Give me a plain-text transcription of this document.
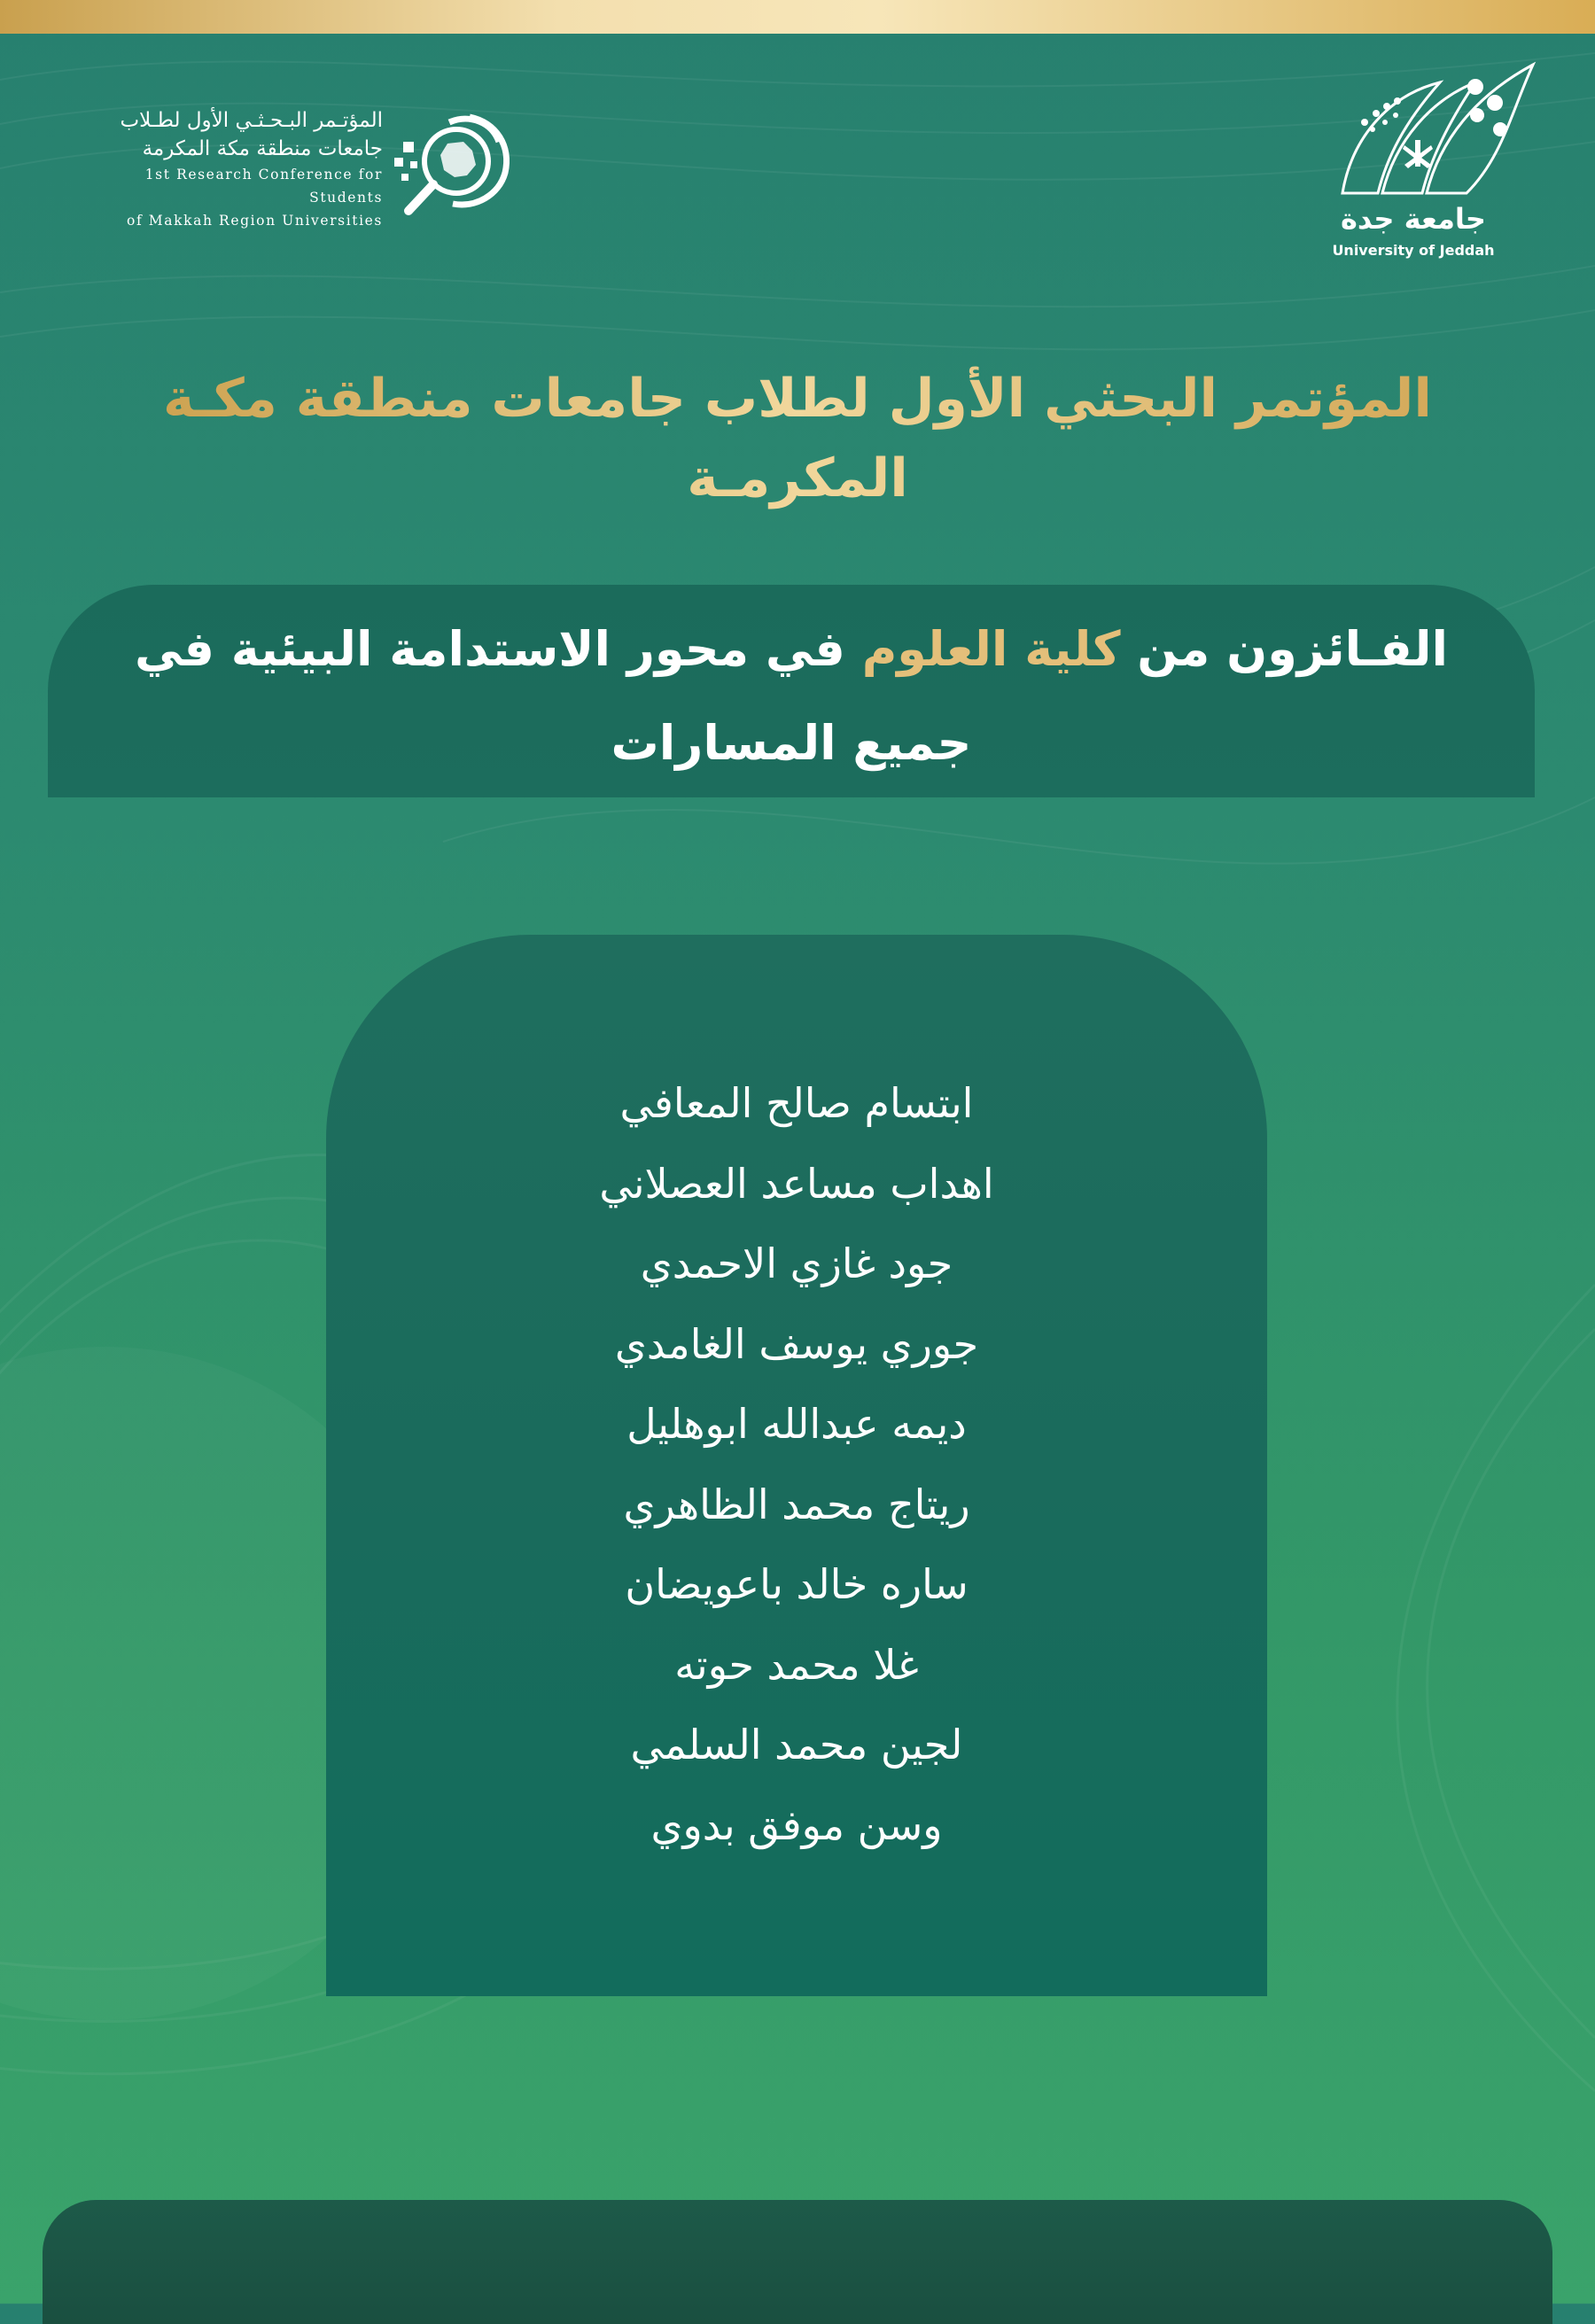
جامعة جدة
University of Jeddah
المؤتـمر البـحـثـي الأول لطـلاب
جامعات منطقة مكة المكرمة
1st Research Conference for Students
of Makkah Region Universities
المؤتمر البحثي الأول لطلاب جامعات منطقة مكـة المكرمـة
الفـائزون من كلية العلوم في محور الاستدامة البيئية في
جميع المسارات
ابتسام صالح المعافي
اهداب مساعد العصلاني
جود غازي الاحمدي
جوري يوسف الغامدي
ديمه عبدالله ابوهليل
ريتاج محمد الظاهري
ساره خالد باعويضان
غلا محمد حوته
لجين محمد السلمي
وسن موفق بدوي
